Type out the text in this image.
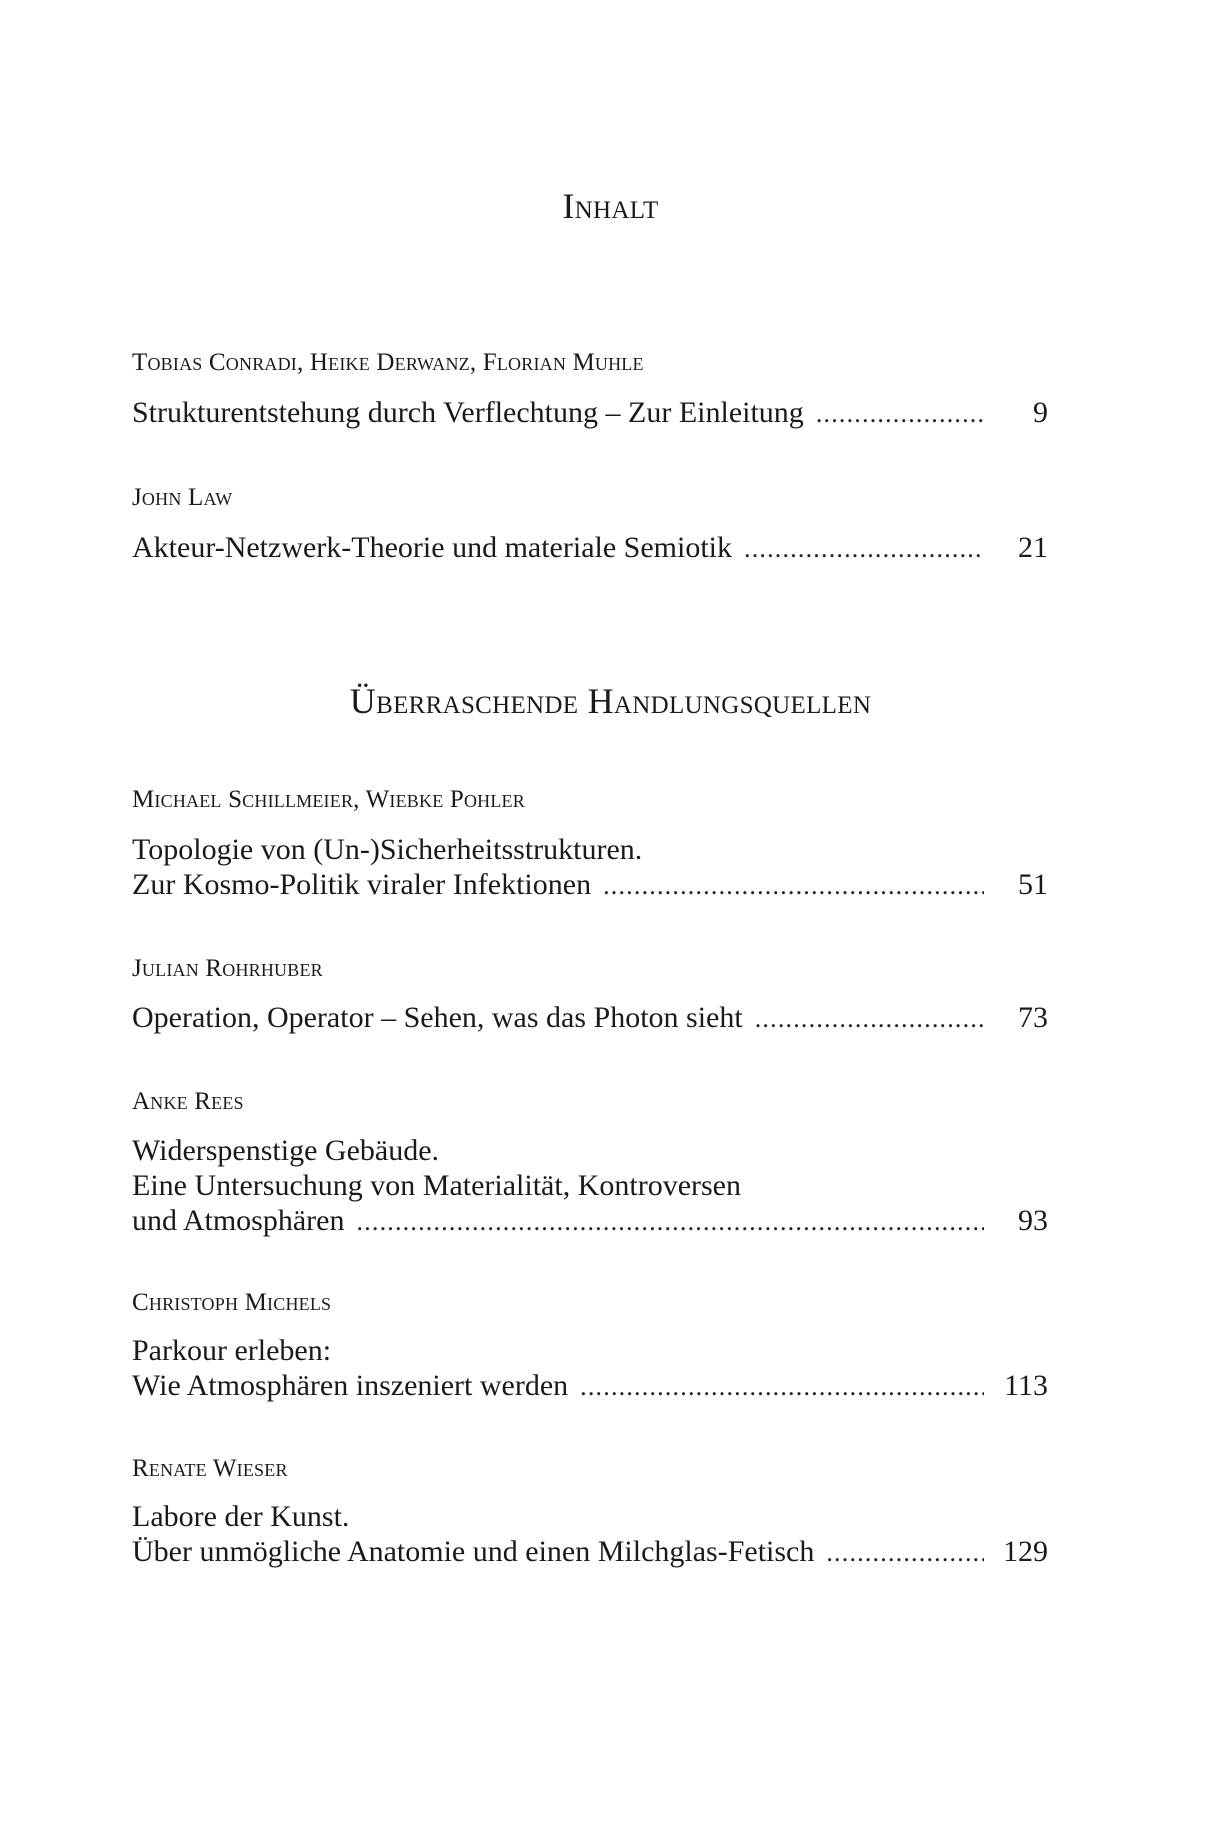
Inhalt
Tobias Conradi, Heike Derwanz, Florian Muhle
Strukturentstehung durch Verflechtung – Zur Einleitung .....	9
John Law
Akteur-Netzwerk-Theorie und materiale Semiotik .....	21
Überraschende Handlungsquellen
Michael Schillmeier, Wiebke Pohler
Topologie von (Un-)Sicherheitsstrukturen.
Zur Kosmo-Politik viraler Infektionen .....	51
Julian Rohrhuber
Operation, Operator – Sehen, was das Photon sieht .....	73
Anke Rees
Widerspenstige Gebäude.
Eine Untersuchung von Materialität, Kontroversen
und Atmosphären .....	93
Christoph Michels
Parkour erleben:
Wie Atmosphären inszeniert werden .....	113
Renate Wieser
Labore der Kunst.
Über unmögliche Anatomie und einen Milchglas-Fetisch .....	129
